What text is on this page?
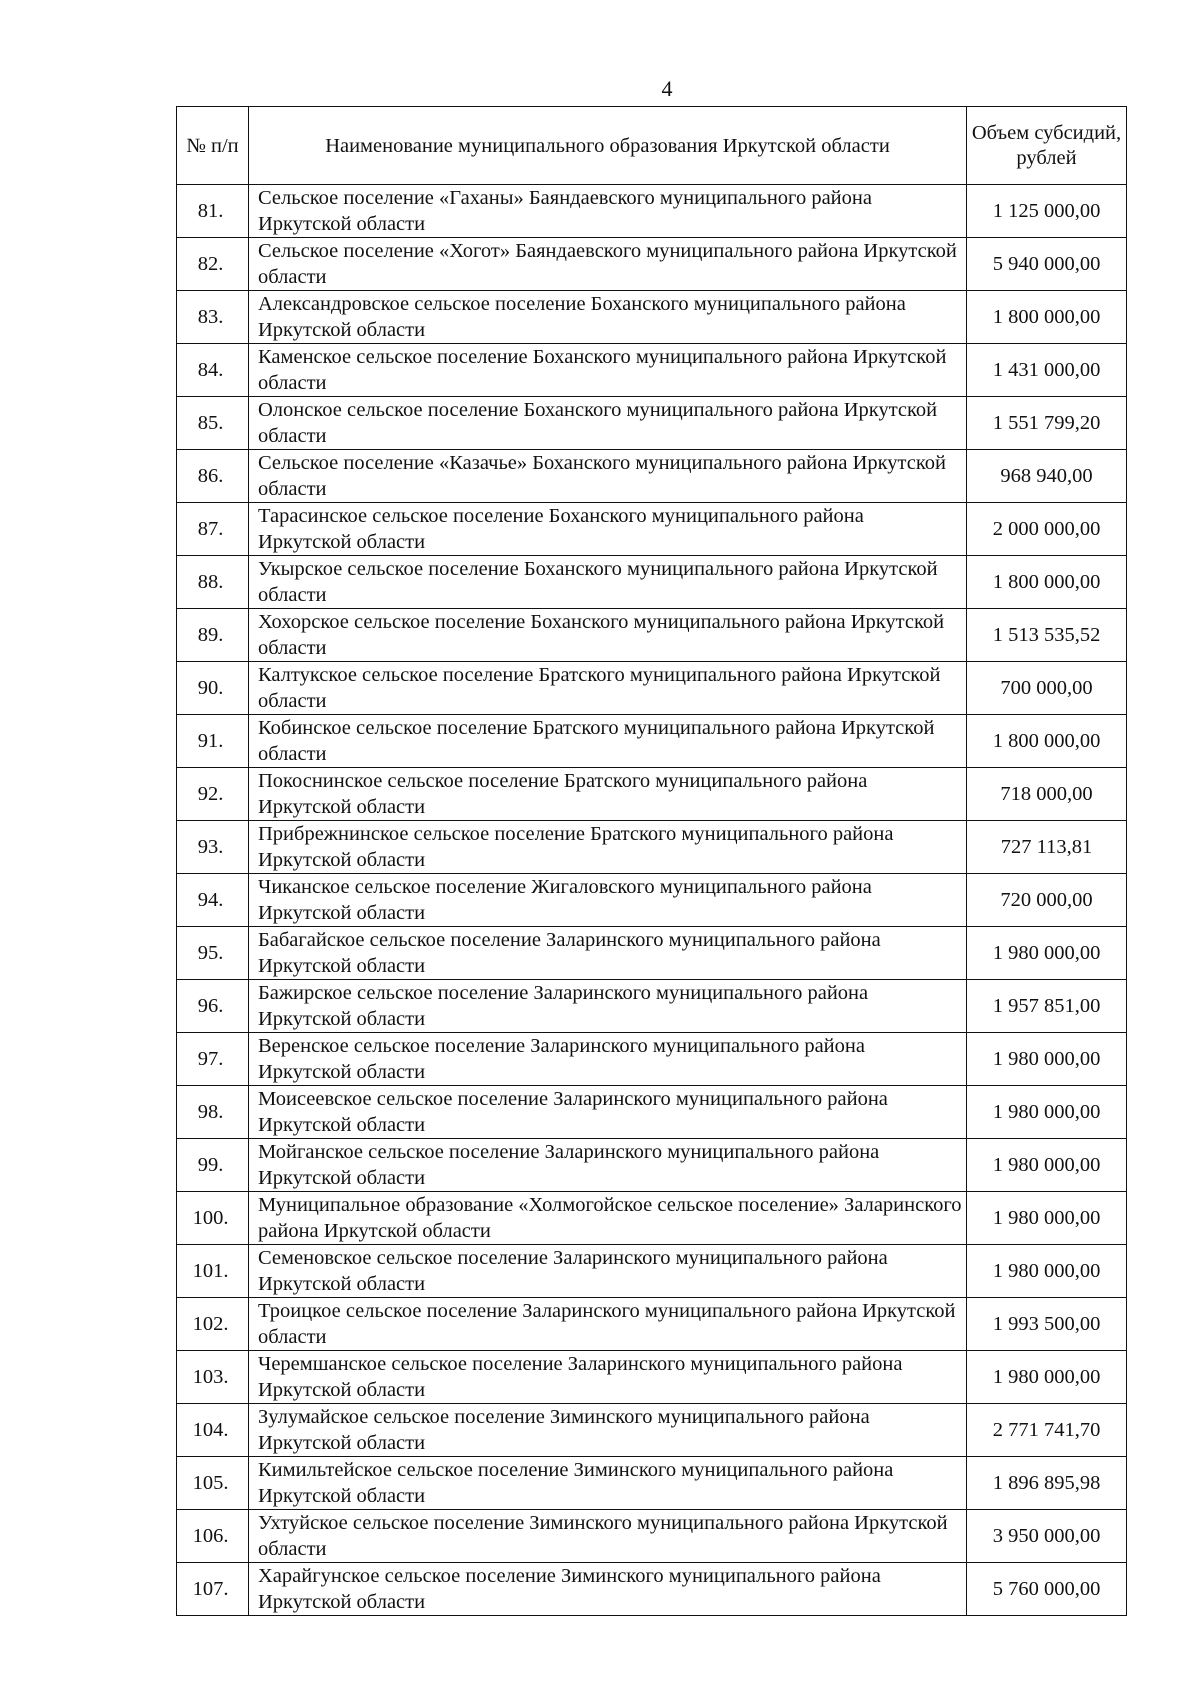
4
№ п/п	Наименование муниципального образования Иркутской области	Объем субсидий, рублей
81.	Сельское поселение «Гаханы» Баяндаевского муниципального района Иркутской области	1 125 000,00
82.	Сельское поселение «Хогот» Баяндаевского муниципального района Иркутской области	5 940 000,00
83.	Александровское сельское поселение Боханского муниципального района Иркутской области	1 800 000,00
84.	Каменское сельское поселение Боханского муниципального района Иркутской области	1 431 000,00
85.	Олонское сельское поселение Боханского муниципального района Иркутской области	1 551 799,20
86.	Сельское поселение «Казачье» Боханского муниципального района Иркутской области	968 940,00
87.	Тарасинское сельское поселение Боханского муниципального района Иркутской области	2 000 000,00
88.	Укырское сельское поселение Боханского муниципального района Иркутской области	1 800 000,00
89.	Хохорское сельское поселение Боханского муниципального района Иркутской области	1 513 535,52
90.	Калтукское сельское поселение Братского муниципального района Иркутской области	700 000,00
91.	Кобинское сельское поселение Братского муниципального района Иркутской области	1 800 000,00
92.	Покоснинское сельское поселение Братского муниципального района Иркутской области	718 000,00
93.	Прибрежнинское сельское поселение Братского муниципального района Иркутской области	727 113,81
94.	Чиканское сельское поселение Жигаловского муниципального района Иркутской области	720 000,00
95.	Бабагайское сельское поселение Заларинского муниципального района Иркутской области	1 980 000,00
96.	Бажирское сельское поселение Заларинского муниципального района Иркутской области	1 957 851,00
97.	Веренское сельское поселение Заларинского муниципального района Иркутской области	1 980 000,00
98.	Моисеевское сельское поселение Заларинского муниципального района Иркутской области	1 980 000,00
99.	Мойганское сельское поселение Заларинского муниципального района Иркутской области	1 980 000,00
100.	Муниципальное образование «Холмогойское сельское поселение» Заларинского района Иркутской области	1 980 000,00
101.	Семеновское сельское поселение Заларинского муниципального района Иркутской области	1 980 000,00
102.	Троицкое сельское поселение Заларинского муниципального района Иркутской области	1 993 500,00
103.	Черемшанское сельское поселение Заларинского муниципального района Иркутской области	1 980 000,00
104.	Зулумайское сельское поселение Зиминского муниципального района Иркутской области	2 771 741,70
105.	Кимильтейское сельское поселение Зиминского муниципального района Иркутской области	1 896 895,98
106.	Ухтуйское сельское поселение Зиминского муниципального района Иркутской области	3 950 000,00
107.	Харайгунское сельское поселение Зиминского муниципального района Иркутской области	5 760 000,00
